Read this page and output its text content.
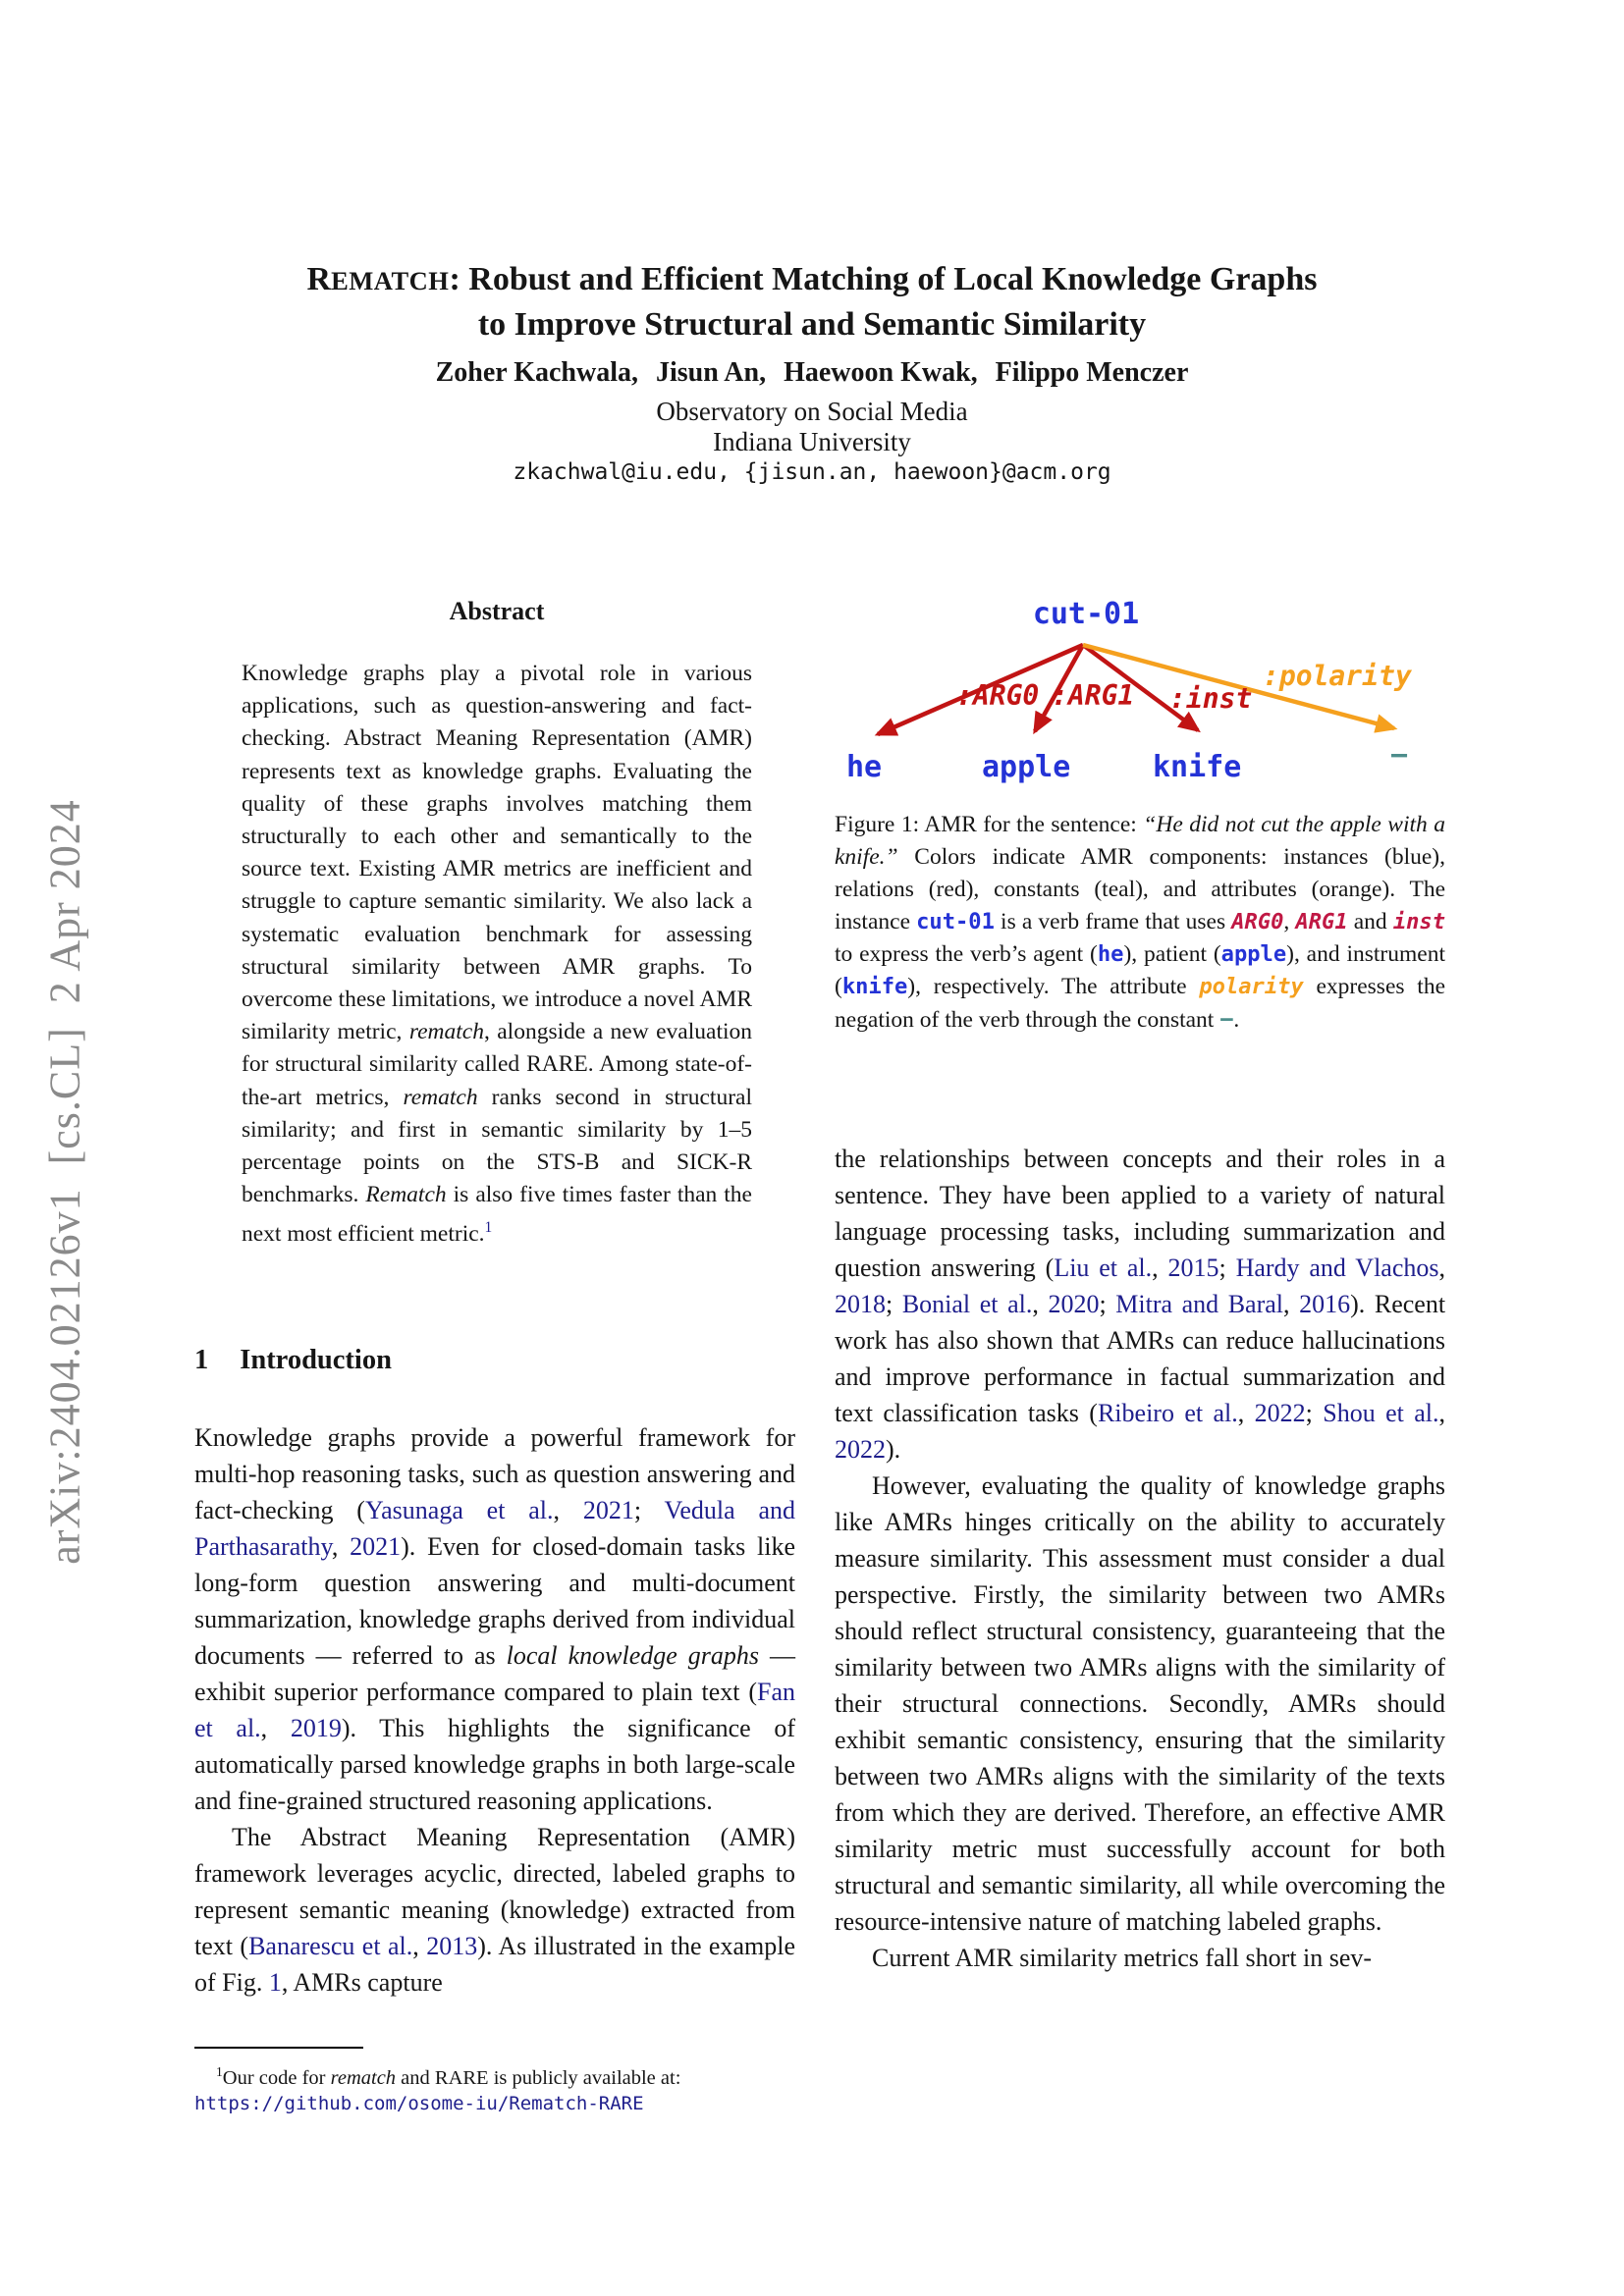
arXiv:2404.02126v1  [cs.CL]  2 Apr 2024
REMATCH: Robust and Efficient Matching of Local Knowledge Graphs
to Improve Structural and Semantic Similarity
Zoher Kachwala, Jisun An, Haewoon Kwak, Filippo Menczer
Observatory on Social Media
Indiana University
zkachwal@iu.edu, {jisun.an, haewoon}@acm.org
Abstract
Knowledge graphs play a pivotal role in various applications, such as question-answering and fact-checking. Abstract Meaning Representation (AMR) represents text as knowledge graphs. Evaluating the quality of these graphs involves matching them structurally to each other and semantically to the source text. Existing AMR metrics are inefficient and struggle to capture semantic similarity. We also lack a systematic evaluation benchmark for assessing structural similarity between AMR graphs. To overcome these limitations, we introduce a novel AMR similarity metric, rematch, alongside a new evaluation for structural similarity called RARE. Among state-of-the-art metrics, rematch ranks second in structural similarity; and first in semantic similarity by 1–5 percentage points on the STS-B and SICK-R benchmarks. Rematch is also five times faster than the next most efficient metric.$^1$
1 Introduction

Knowledge graphs provide a powerful framework for multi-hop reasoning tasks, such as question answering and fact-checking (Yasunaga et al., 2021; Vedula and Parthasarathy, 2021). Even for closed-domain tasks like long-form question answering and multi-document summarization, knowledge graphs derived from individual documents — referred to as local knowledge graphs — exhibit superior performance compared to plain text (Fan et al., 2019). This highlights the significance of automatically parsed knowledge graphs in both large-scale and fine-grained structured reasoning applications.

The Abstract Meaning Representation (AMR) framework leverages acyclic, directed, labeled graphs to represent semantic meaning (knowledge) extracted from text (Banarescu et al., 2013). As illustrated in the example of Fig. 1, AMRs capture

$^1$Our code for rematch and RARE is publicly available at: https://github.com/osome-iu/Rematch-RARE
cut-01
he	apple	knife	−
:ARG0 :ARG1 :inst
:polarity
Figure 1: AMR for the sentence: “He did not cut the apple with a knife.” Colors indicate AMR components: instances (blue), relations (red), constants (teal), and attributes (orange). The instance cut-01 is a verb frame that uses ARG0, ARG1 and inst to express the verb’s agent (he), patient (apple), and instrument (knife), respectively. The attribute polarity expresses the negation of the verb through the constant −.

the relationships between concepts and their roles in a sentence. They have been applied to a variety of natural language processing tasks, including summarization and question answering (Liu et al., 2015; Hardy and Vlachos, 2018; Bonial et al., 2020; Mitra and Baral, 2016). Recent work has also shown that AMRs can reduce hallucinations and improve performance in factual summarization and text classification tasks (Ribeiro et al., 2022; Shou et al., 2022).

However, evaluating the quality of knowledge graphs like AMRs hinges critically on the ability to accurately measure similarity. This assessment must consider a dual perspective. Firstly, the similarity between two AMRs should reflect structural consistency, guaranteeing that the similarity between two AMRs aligns with the similarity of their structural connections. Secondly, AMRs should exhibit semantic consistency, ensuring that the similarity between two AMRs aligns with the similarity of the texts from which they are derived. Therefore, an effective AMR similarity metric must successfully account for both structural and semantic similarity, all while overcoming the resource-intensive nature of matching labeled graphs.

Current AMR similarity metrics fall short in sev-
